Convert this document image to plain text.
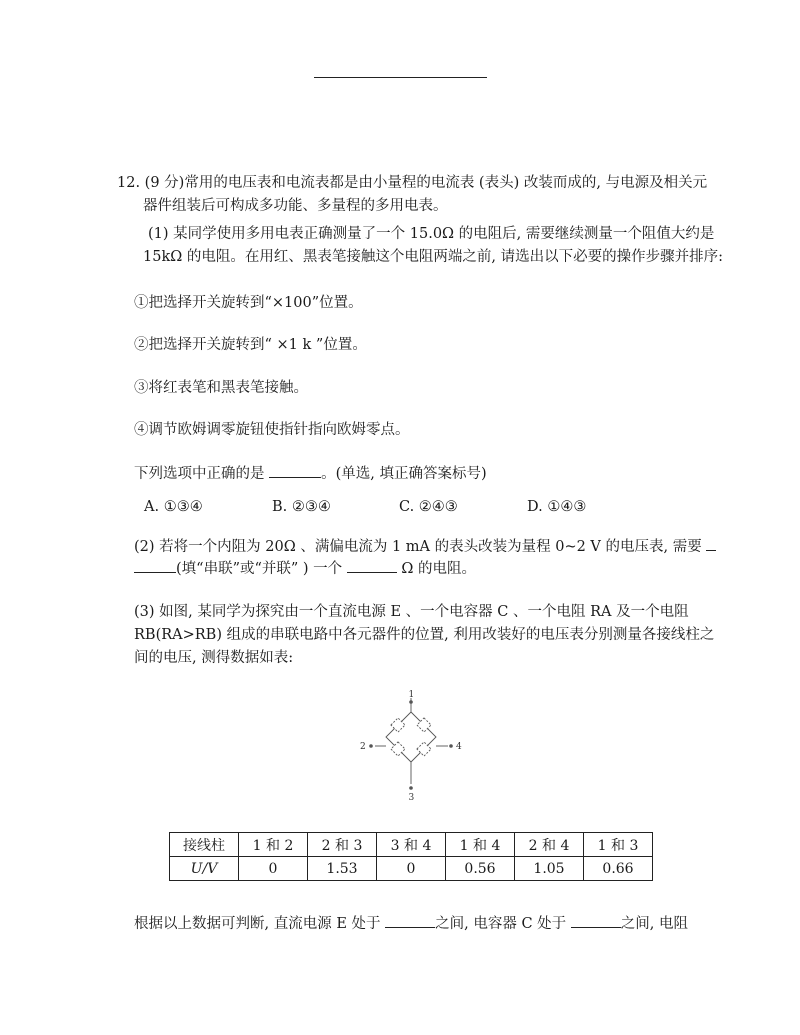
12. (9 分)常用的电压表和电流表都是由小量程的电流表 (表头) 改装而成的, 与电源及相关元
器件组装后可构成多功能、多量程的多用电表。
(1) 某同学使用多用电表正确测量了一个 15.0Ω 的电阻后, 需要继续测量一个阻值大约是
15kΩ 的电阻。在用红、黑表笔接触这个电阻两端之前, 请选出以下必要的操作步骤并排序:
①把选择开关旋转到“×100”位置。
②把选择开关旋转到“ ×1 k ”位置。
③将红表笔和黑表笔接触。
④调节欧姆调零旋钮使指针指向欧姆零点。
下列选项中正确的是	。(单选, 填正确答案标号)
A. ①③④	B. ②③④	C. ②④③	D. ①④③
(2) 若将一个内阻为 20Ω 、满偏电流为 1 mA 的表头改装为量程 0~2 V 的电压表, 需要
(填“串联”或“并联” ) 一个	Ω 的电阻。
(3) 如图, 某同学为探究由一个直流电源 E 、一个电容器 C 、一个电阻 RA 及一个电阻
RB(RA>RB) 组成的串联电路中各元器件的位置, 利用改装好的电压表分别测量各接线柱之
间的电压, 测得数据如表:
1
2
3
4
接线柱	1 和 2	2 和 3	3 和 4	1 和 4	2 和 4	1 和 3
U/V	0	1.53	0	0.56	1.05	0.66
根据以上数据可判断, 直流电源 E 处于	之间, 电容器 C 处于	之间, 电阻
